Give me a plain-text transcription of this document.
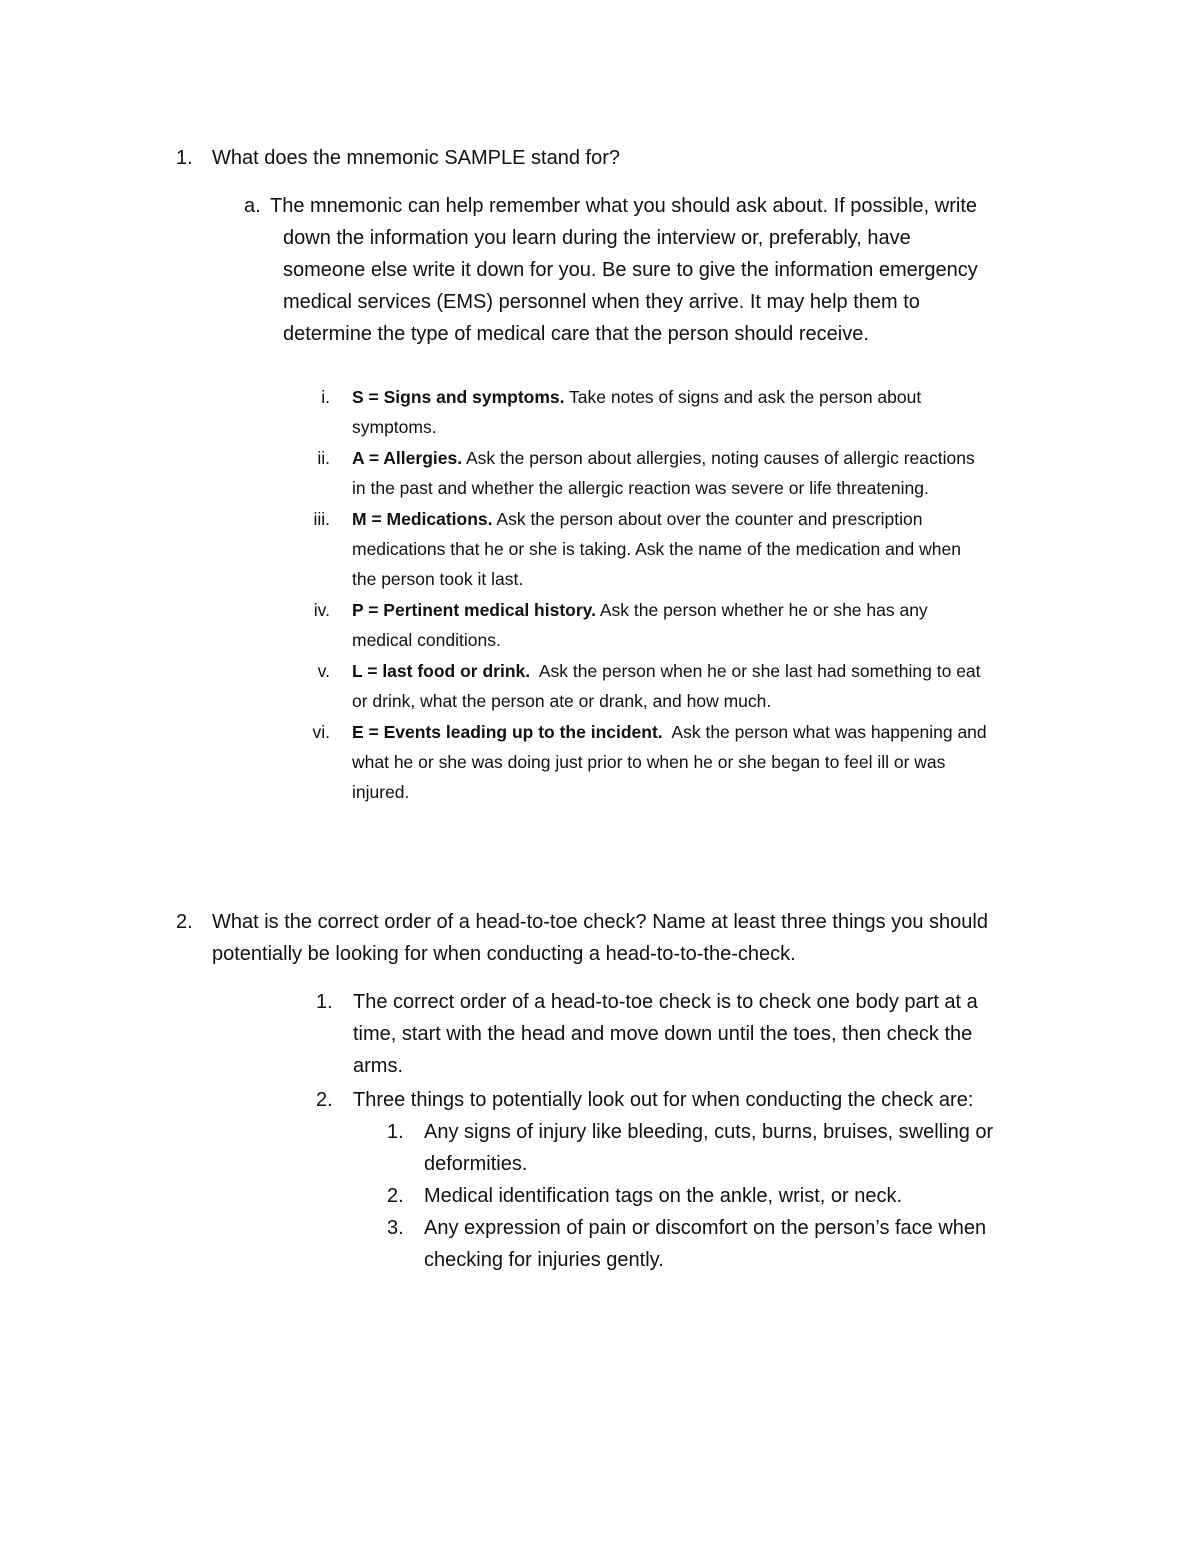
1. What does the mnemonic SAMPLE stand for?
a. The mnemonic can help remember what you should ask about. If possible, write
down the information you learn during the interview or, preferably, have
someone else write it down for you. Be sure to give the information emergency
medical services (EMS) personnel when they arrive. It may help them to
determine the type of medical care that the person should receive.
i. S = Signs and symptoms. Take notes of signs and ask the person about
symptoms.
ii. A = Allergies. Ask the person about allergies, noting causes of allergic reactions
in the past and whether the allergic reaction was severe or life threatening.
iii. M = Medications. Ask the person about over the counter and prescription
medications that he or she is taking. Ask the name of the medication and when
the person took it last.
iv. P = Pertinent medical history. Ask the person whether he or she has any
medical conditions.
v. L = last food or drink.  Ask the person when he or she last had something to eat
or drink, what the person ate or drank, and how much.
vi. E = Events leading up to the incident.  Ask the person what was happening and
what he or she was doing just prior to when he or she began to feel ill or was
injured.
2. What is the correct order of a head-to-toe check? Name at least three things you should
potentially be looking for when conducting a head-to-to-the-check.
1. The correct order of a head-to-toe check is to check one body part at a
time, start with the head and move down until the toes, then check the
arms.
2. Three things to potentially look out for when conducting the check are:
1. Any signs of injury like bleeding, cuts, burns, bruises, swelling or
deformities.
2. Medical identification tags on the ankle, wrist, or neck.
3. Any expression of pain or discomfort on the person’s face when
checking for injuries gently.
